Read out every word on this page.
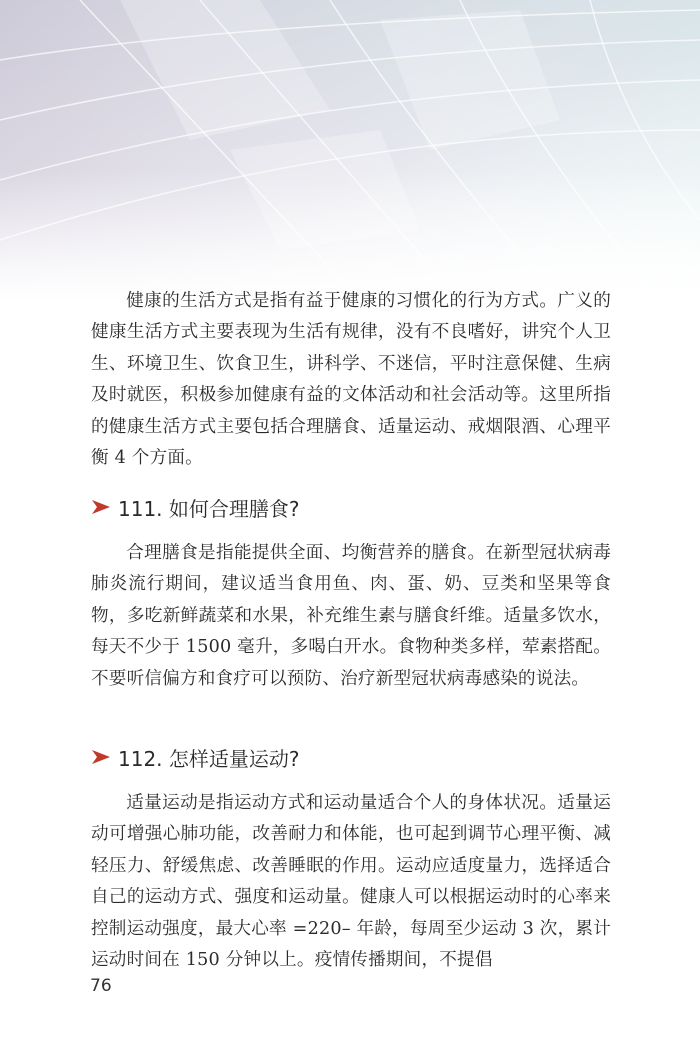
健康的生活方式是指有益于健康的习惯化的行为方式。广义的健康生活方式主要表现为生活有规律，没有不良嗜好，讲究个人卫生、环境卫生、饮食卫生，讲科学、不迷信，平时注意保健、生病及时就医，积极参加健康有益的文体活动和社会活动等。这里所指的健康生活方式主要包括合理膳食、适量运动、戒烟限酒、心理平衡 4 个方面。

111. 如何合理膳食?

合理膳食是指能提供全面、均衡营养的膳食。在新型冠状病毒肺炎流行期间，建议适当食用鱼、肉、蛋、奶、豆类和坚果等食物，多吃新鲜蔬菜和水果，补充维生素与膳食纤维。适量多饮水，每天不少于 1500 毫升，多喝白开水。食物种类多样，荤素搭配。不要听信偏方和食疗可以预防、治疗新型冠状病毒感染的说法。

112. 怎样适量运动?

适量运动是指运动方式和运动量适合个人的身体状况。适量运动可增强心肺功能，改善耐力和体能，也可起到调节心理平衡、减轻压力、舒缓焦虑、改善睡眠的作用。运动应适度量力，选择适合自己的运动方式、强度和运动量。健康人可以根据运动时的心率来控制运动强度，最大心率 =220– 年龄，每周至少运动 3 次，累计运动时间在 150 分钟以上。疫情传播期间，不提倡

76
